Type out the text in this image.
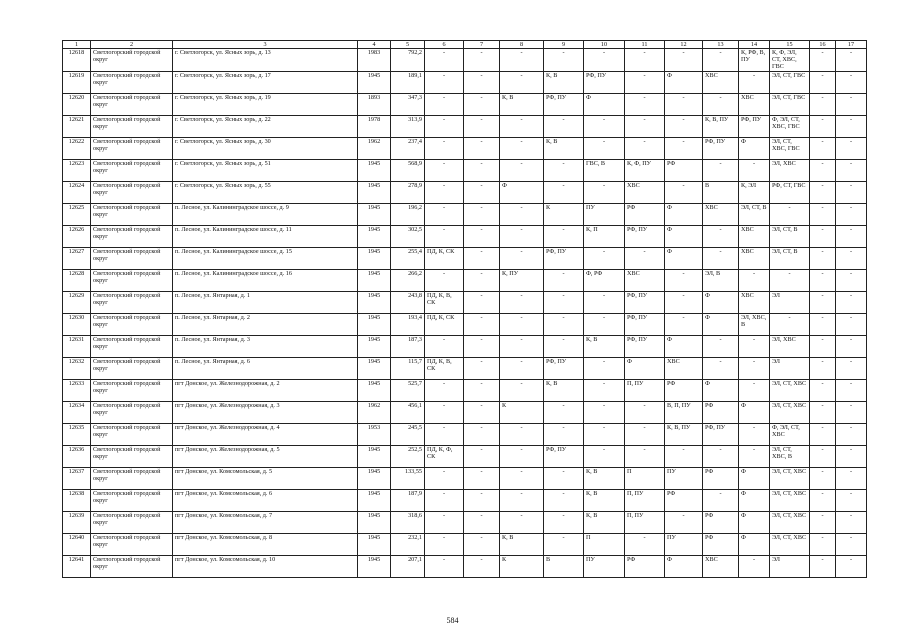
1	2	3	4	5	6	7	8	9	10	11	12	13	14	15	16	17
12618	Светлогорский городской округ	г. Светлогорск, ул. Ясных зорь, д. 13	1983	792,2	-	-	-	-	-	-	-	-	К, РФ, В, ПУ	К, Ф, ЭЛ, СТ, ХВС, ГВС	-	-
12619	Светлогорский городской округ	г. Светлогорск, ул. Ясных зорь, д. 17	1945	189,1	-	-	-	К, В	РФ, ПУ	-	Ф	ХВС	-	ЭЛ, СТ, ГВС	-	-
12620	Светлогорский городской округ	г. Светлогорск, ул. Ясных зорь, д. 19	1893	347,3	-	-	К, В	РФ, ПУ	Ф	-	-	-	ХВС	ЭЛ, СТ, ГВС	-	-
12621	Светлогорский городской округ	г. Светлогорск, ул. Ясных зорь, д. 22	1978	313,9	-	-	-	-	-	-	-	К, В, ПУ	РФ, ПУ	Ф, ЭЛ, СТ, ХВС, ГВС	-	-
12622	Светлогорский городской округ	г. Светлогорск, ул. Ясных зорь, д. 30	1962	237,4	-	-	-	К, В	-	-	-	РФ, ПУ	Ф	ЭЛ, СТ, ХВС, ГВС	-	-
12623	Светлогорский городской округ	г. Светлогорск, ул. Ясных зорь, д. 51	1945	568,9	-	-	-	-	ГВС, В	К, Ф, ПУ	РФ	-	-	ЭЛ, ХВС	-	-
12624	Светлогорский городской округ	г. Светлогорск, ул. Ясных зорь, д. 55	1945	278,9	-	-	Ф	-	-	ХВС	-	В	К, ЭЛ	РФ, СТ, ГВС	-	-
12625	Светлогорский городской округ	п. Лесное, ул. Калининградское шоссе, д. 9	1945	196,2	-	-	-	К	ПУ	РФ	Ф	ХВС	ЭЛ, СТ, В	-	-	-
12626	Светлогорский городской округ	п. Лесное, ул. Калининградское шоссе, д. 11	1945	302,5	-	-	-	-	К, П	РФ, ПУ	Ф	-	ХВС	ЭЛ, СТ, В	-	-
12627	Светлогорский городской округ	п. Лесное, ул. Калининградское шоссе, д. 15	1945	255,4	ПД, К, СК	-	-	РФ, ПУ	-	-	Ф	-	ХВС	ЭЛ, СТ, В	-	-
12628	Светлогорский городской округ	п. Лесное, ул. Калининградское шоссе, д. 16	1945	266,2	-	-	К, ПУ	-	Ф, РФ	ХВС	-	ЭЛ, В	-	-	-	-
12629	Светлогорский городской округ	п. Лесное, ул. Янтарная, д. 1	1945	243,8	ПД, К, В, СК	-	-	-	-	РФ, ПУ	-	Ф	ХВС	ЭЛ	-	-
12630	Светлогорский городской округ	п. Лесное, ул. Янтарная, д. 2	1945	193,4	ПД, К, СК	-	-	-	-	РФ, ПУ	-	Ф	ЭЛ, ХВС, В	-	-	-
12631	Светлогорский городской округ	п. Лесное, ул. Янтарная, д. 3	1945	187,3	-	-	-	-	К, В	РФ, ПУ	Ф	-	-	ЭЛ, ХВС	-	-
12632	Светлогорский городской округ	п. Лесное, ул. Янтарная, д. 6	1945	115,7	ПД, К, В, СК	-	-	РФ, ПУ	-	Ф	ХВС	-	-	ЭЛ	-	-
12633	Светлогорский городской округ	пгт Донское, ул. Железнодорожная, д. 2	1945	525,7	-	-	-	К, В	-	П, ПУ	РФ	Ф	-	ЭЛ, СТ, ХВС	-	-
12634	Светлогорский городской округ	пгт Донское, ул. Железнодорожная, д. 3	1962	456,1	-	-	К	-	-	-	В, П, ПУ	РФ	Ф	ЭЛ, СТ, ХВС	-	-
12635	Светлогорский городской округ	пгт Донское, ул. Железнодорожная, д. 4	1953	245,5	-	-	-	-	-	-	К, В, ПУ	РФ, ПУ	-	Ф, ЭЛ, СТ, ХВС	-	-
12636	Светлогорский городской округ	пгт Донское, ул. Железнодорожная, д. 5	1945	252,5	ПД, К, Ф, СК	-	-	РФ, ПУ	-	-	-	-	-	ЭЛ, СТ, ХВС, В	-	-
12637	Светлогорский городской округ	пгт Донское, ул. Комсомольская, д. 5	1945	133,55	-	-	-	-	К, В	П	ПУ	РФ	Ф	ЭЛ, СТ, ХВС	-	-
12638	Светлогорский городской округ	пгт Донское, ул. Комсомольская, д. 6	1945	187,9	-	-	-	-	К, В	П, ПУ	РФ	-	Ф	ЭЛ, СТ, ХВС	-	-
12639	Светлогорский городской округ	пгт Донское, ул. Комсомольская, д. 7	1945	318,6	-	-	-	-	К, В	П, ПУ	-	РФ	Ф	ЭЛ, СТ, ХВС	-	-
12640	Светлогорский городской округ	пгт Донское, ул. Комсомольская, д. 8	1945	232,1	-	-	К, В	-	П	-	ПУ	РФ	Ф	ЭЛ, СТ, ХВС	-	-
12641	Светлогорский городской округ	пгт Донское, ул. Комсомольская, д. 10	1945	207,1	-	-	К	В	ПУ	РФ	Ф	ХВС	-	ЭЛ	-	-
584
